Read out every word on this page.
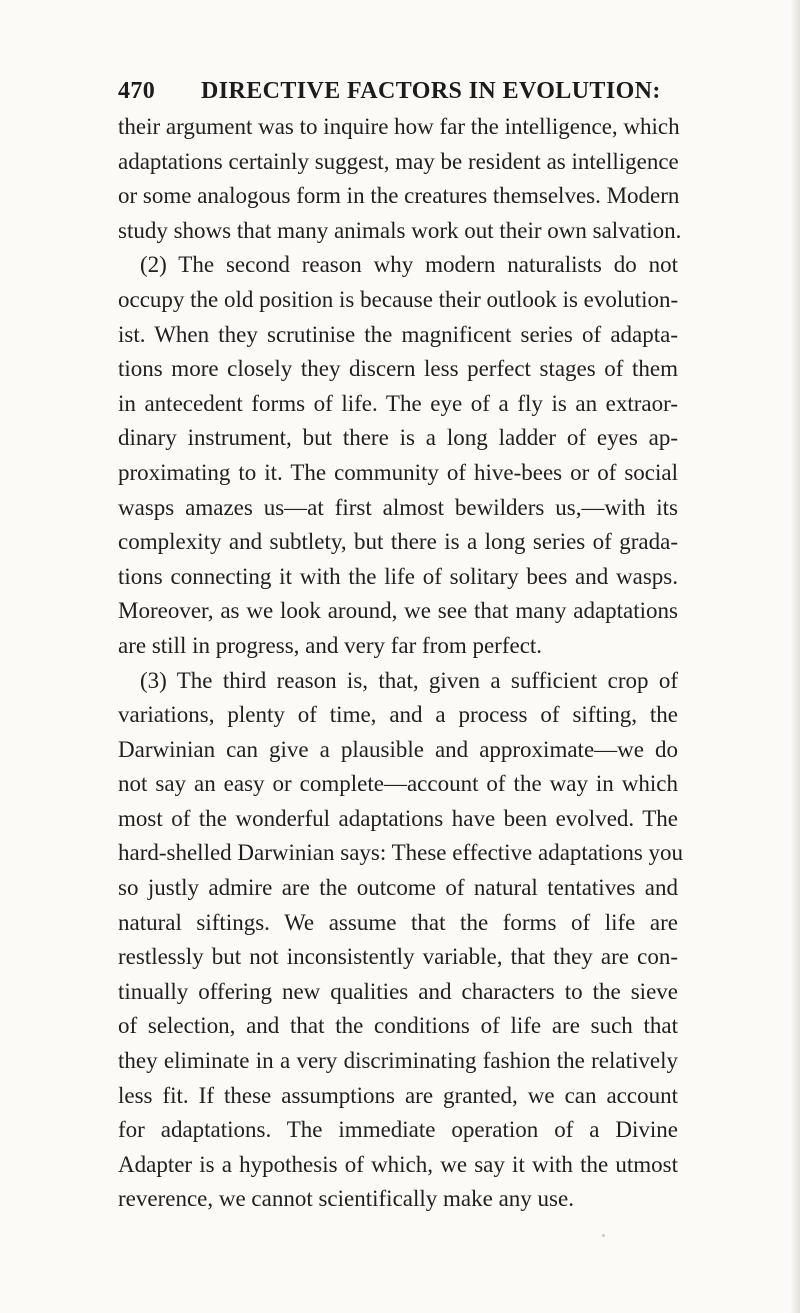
470 DIRECTIVE FACTORS IN EVOLUTION:
their argument was to inquire how far the intelligence, which
adaptations certainly suggest, may be resident as intelligence
or some analogous form in the creatures themselves. Modern
study shows that many animals work out their own salvation.
(2) The second reason why modern naturalists do not
occupy the old position is because their outlook is evolution-
ist. When they scrutinise the magnificent series of adapta-
tions more closely they discern less perfect stages of them
in antecedent forms of life. The eye of a fly is an extraor-
dinary instrument, but there is a long ladder of eyes ap-
proximating to it. The community of hive-bees or of social
wasps amazes us—at first almost bewilders us,—with its
complexity and subtlety, but there is a long series of grada-
tions connecting it with the life of solitary bees and wasps.
Moreover, as we look around, we see that many adaptations
are still in progress, and very far from perfect.
(3) The third reason is, that, given a sufficient crop of
variations, plenty of time, and a process of sifting, the
Darwinian can give a plausible and approximate—we do
not say an easy or complete—account of the way in which
most of the wonderful adaptations have been evolved. The
hard-shelled Darwinian says: These effective adaptations you
so justly admire are the outcome of natural tentatives and
natural siftings. We assume that the forms of life are
restlessly but not inconsistently variable, that they are con-
tinually offering new qualities and characters to the sieve
of selection, and that the conditions of life are such that
they eliminate in a very discriminating fashion the relatively
less fit. If these assumptions are granted, we can account
for adaptations. The immediate operation of a Divine
Adapter is a hypothesis of which, we say it with the utmost
reverence, we cannot scientifically make any use.
